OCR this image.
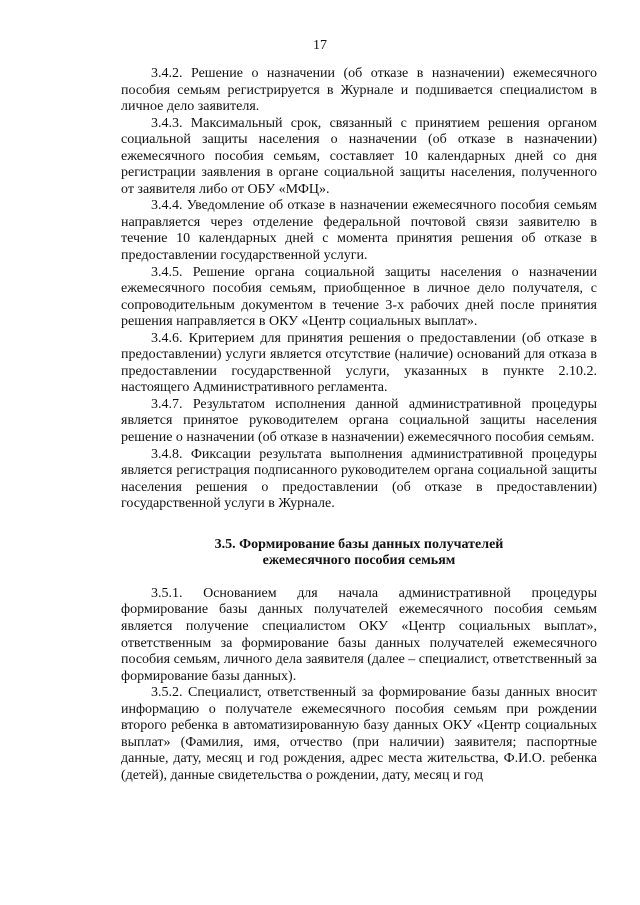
17

3.4.2. Решение о назначении (об отказе в назначении) ежемесячного пособия семьям регистрируется в Журнале и подшивается специалистом в личное дело заявителя.

3.4.3. Максимальный срок, связанный с принятием решения органом социальной защиты населения о назначении (об отказе в назначении) ежемесячного пособия семьям, составляет 10 календарных дней со дня регистрации заявления в органе социальной защиты населения, полученного от заявителя либо от ОБУ «МФЦ».

3.4.4. Уведомление об отказе в назначении ежемесячного пособия семьям направляется через отделение федеральной почтовой связи заявителю в течение 10 календарных дней с момента принятия решения об отказе в предоставлении государственной услуги.

3.4.5. Решение органа социальной защиты населения о назначении ежемесячного пособия семьям, приобщенное в личное дело получателя, с сопроводительным документом в течение 3-х рабочих дней после принятия решения направляется в ОКУ «Центр социальных выплат».

3.4.6. Критерием для принятия решения о предоставлении (об отказе в предоставлении) услуги является отсутствие (наличие) оснований для отказа в предоставлении государственной услуги, указанных в пункте 2.10.2. настоящего Административного регламента.

3.4.7. Результатом исполнения данной административной процедуры является принятое руководителем органа социальной защиты населения решение о назначении (об отказе в назначении) ежемесячного пособия семьям.

3.4.8. Фиксации результата выполнения административной процедуры является регистрация подписанного руководителем органа социальной защиты населения решения о предоставлении (об отказе в предоставлении) государственной услуги в Журнале.

3.5. Формирование базы данных получателей
ежемесячного пособия семьям

3.5.1. Основанием для начала административной процедуры формирование базы данных получателей ежемесячного пособия семьям является получение специалистом ОКУ «Центр социальных выплат», ответственным за формирование базы данных получателей ежемесячного пособия семьям, личного дела заявителя (далее – специалист, ответственный за формирование базы данных).

3.5.2. Специалист, ответственный за формирование базы данных вносит информацию о получателе ежемесячного пособия семьям при рождении второго ребенка в автоматизированную базу данных ОКУ «Центр социальных выплат» (Фамилия, имя, отчество (при наличии) заявителя; паспортные данные, дату, месяц и год рождения, адрес места жительства, Ф.И.О. ребенка (детей), данные свидетельства о рождении, дату, месяц и год
